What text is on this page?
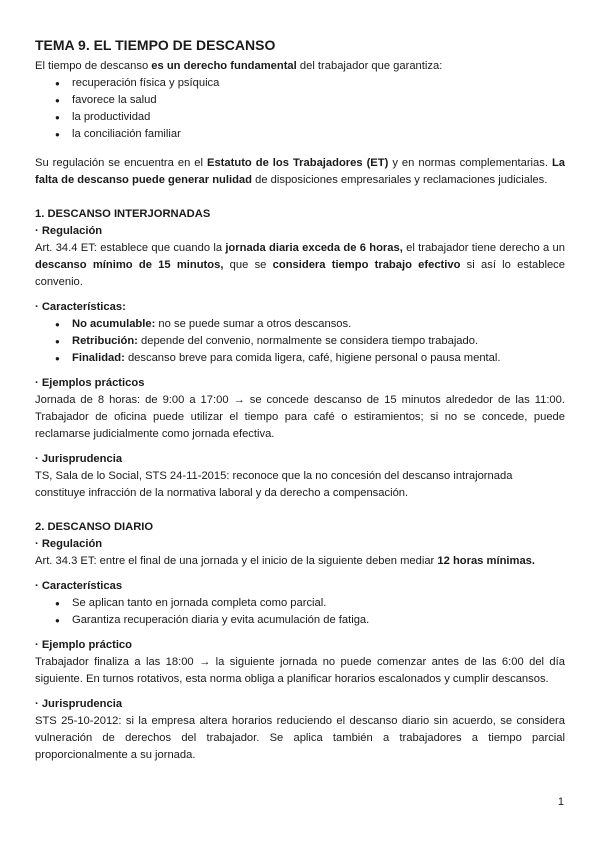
TEMA 9. EL TIEMPO DE DESCANSO

El tiempo de descanso es un derecho fundamental del trabajador que garantiza:

● recuperación física y psíquica
● favorece la salud
● la productividad
● la conciliación familiar

Su regulación se encuentra en el Estatuto de los Trabajadores (ET) y en normas complementarias. La falta de descanso puede generar nulidad de disposiciones empresariales y reclamaciones judiciales.

1. DESCANSO INTERJORNADAS
· Regulación

Art. 34.4 ET: establece que cuando la jornada diaria exceda de 6 horas, el trabajador tiene derecho a un descanso mínimo de 15 minutos, que se considera tiempo trabajo efectivo si así lo establece convenio.

· Características:
● No acumulable: no se puede sumar a otros descansos.
● Retribución: depende del convenio, normalmente se considera tiempo trabajado.
● Finalidad: descanso breve para comida ligera, café, higiene personal o pausa mental.
· Ejemplos prácticos

Jornada de 8 horas: de 9:00 a 17:00 → se concede descanso de 15 minutos alrededor de las 11:00. Trabajador de oficina puede utilizar el tiempo para café o estiramientos; si no se concede, puede reclamarse judicialmente como jornada efectiva.

· Jurisprudencia

TS, Sala de lo Social, STS 24-11-2015: reconoce que la no concesión del descanso intrajornada constituye infracción de la normativa laboral y da derecho a compensación.

2. DESCANSO DIARIO
· Regulación

Art. 34.3 ET: entre el final de una jornada y el inicio de la siguiente deben mediar 12 horas mínimas.

· Características
● Se aplican tanto en jornada completa como parcial.
● Garantiza recuperación diaria y evita acumulación de fatiga.
· Ejemplo práctico

Trabajador finaliza a las 18:00 → la siguiente jornada no puede comenzar antes de las 6:00 del día siguiente. En turnos rotativos, esta norma obliga a planificar horarios escalonados y cumplir descansos.

· Jurisprudencia

STS 25-10-2012: si la empresa altera horarios reduciendo el descanso diario sin acuerdo, se considera vulneración de derechos del trabajador. Se aplica también a trabajadores a tiempo parcial proporcionalmente a su jornada.

1
